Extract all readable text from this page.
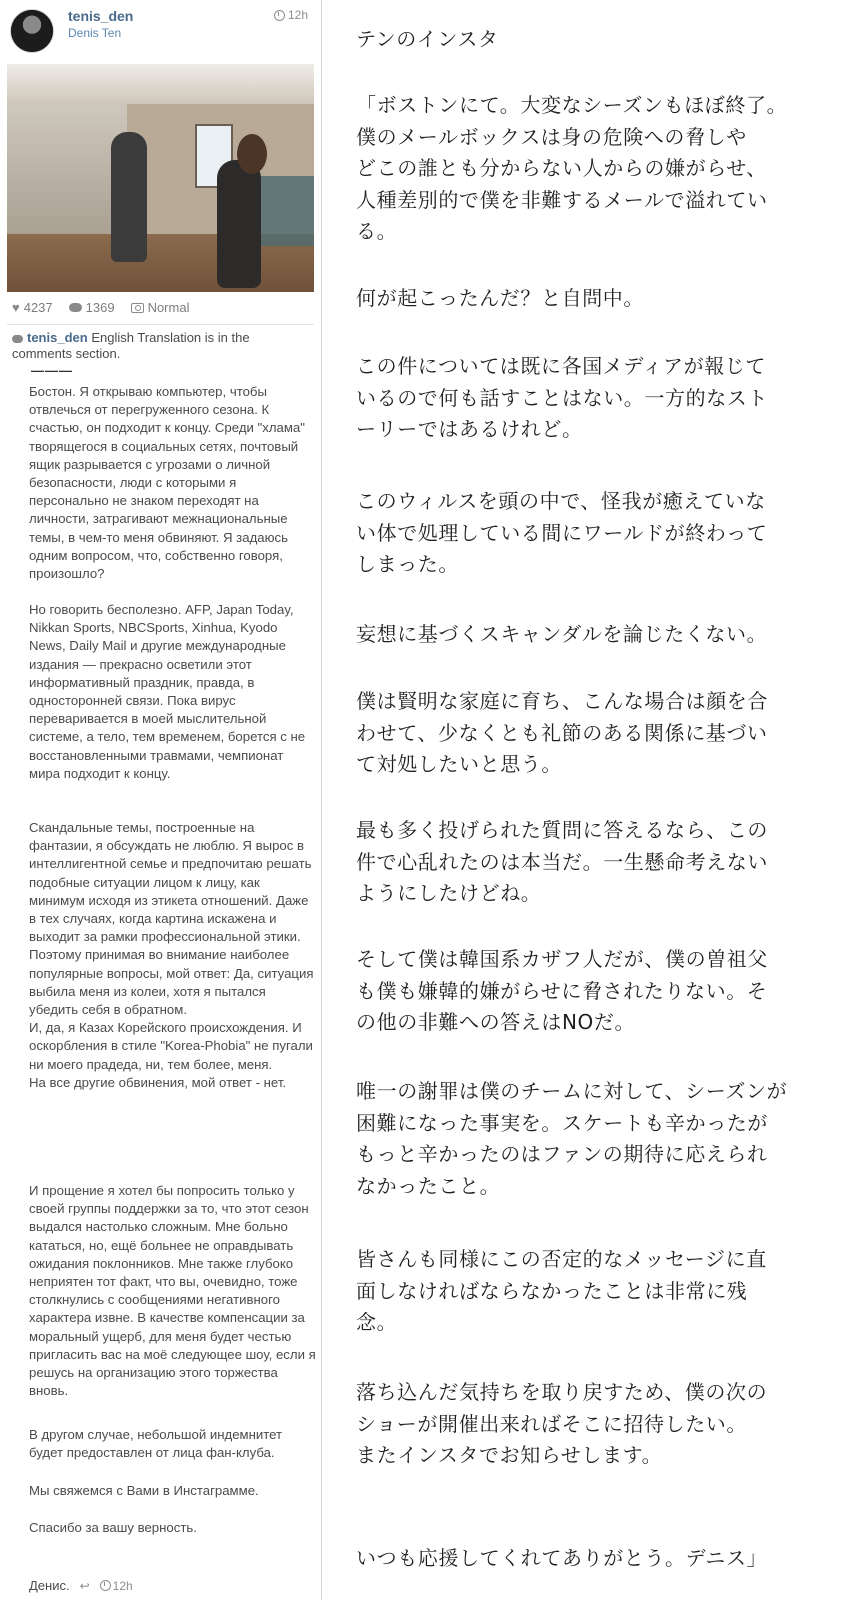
tenis_den
Denis Ten
12h
♥ 4237	1369	Normal
tenis_den English Translation is in the comments section.
———

Бостон. Я открываю компьютер, чтобы отвлечься от перегруженного сезона. К счастью, он подходит к концу. Среди "хлама" творящегося в социальных сетях, почтовый ящик разрывается с угрозами о личной безопасности, люди с которыми я персонально не знаком переходят на личности, затрагивают межнациональные темы, в чем-то меня обвиняют. Я задаюсь одним вопросом, что, собственно говоря, произошло?

Но говорить бесполезно. AFP, Japan Today, Nikkan Sports, NBCSports, Xinhua, Kyodo News, Daily Mail и другие международные издания — прекрасно осветили этот информативный праздник, правда, в односторонней связи. Пока вирус переваривается в моей мыслительной системе, а тело, тем временем, борется с не восстановленными травмами, чемпионат мира подходит к концу.

Скандальные темы, построенные на фантазии, я обсуждать не люблю. Я вырос в интеллигентной семье и предпочитаю решать подобные ситуации лицом к лицу, как минимум исходя из этикета отношений. Даже в тех случаях, когда картина искажена и выходит за рамки профессиональной этики. Поэтому принимая во внимание наиболее популярные вопросы, мой ответ: Да, ситуация выбила меня из колеи, хотя я пытался убедить себя в обратном.
И, да, я Казах Корейского происхождения. И оскорбления в стиле "Korea-Phobia" не пугали ни моего прадеда, ни, тем более, меня.
На все другие обвинения, мой ответ - нет.

И прощение я хотел бы попросить только у своей группы поддержки за то, что этот сезон выдался настолько сложным. Мне больно кататься, но, ещё больнее не оправдывать ожидания поклонников. Мне также глубоко неприятен тот факт, что вы, очевидно, тоже столкнулись с сообщениями негативного характера извне. В качестве компенсации за моральный ущерб, для меня будет честью пригласить вас на моё следующее шоу, если я решусь на организацию этого торжества вновь.

В другом случае, небольшой индемнитет будет предоставлен от лица фан-клуба.

Мы свяжемся с Вами в Инстаграмме.

Спасибо за вашу верность.

Денис. ↩ 12h

テンのインスタ

「ボストンにて。大変なシーズンもほぼ終了。
僕のメールボックスは身の危険への脅しや
どこの誰とも分からない人からの嫌がらせ、
人種差別的で僕を非難するメールで溢れてい
る。

何が起こったんだ？と自問中。

この件については既に各国メディアが報じて
いるので何も話すことはない。一方的なスト
ーリーではあるけれど。

このウィルスを頭の中で、怪我が癒えていな
い体で処理している間にワールドが終わって
しまった。

妄想に基づくスキャンダルを論じたくない。

僕は賢明な家庭に育ち、こんな場合は顔を合
わせて、少なくとも礼節のある関係に基づい
て対処したいと思う。

最も多く投げられた質問に答えるなら、この
件で心乱れたのは本当だ。一生懸命考えない
ようにしたけどね。

そして僕は韓国系カザフ人だが、僕の曽祖父
も僕も嫌韓的嫌がらせに脅されたりない。そ
の他の非難への答えはNOだ。

唯一の謝罪は僕のチームに対して、シーズンが
困難になった事実を。スケートも辛かったが
もっと辛かったのはファンの期待に応えられ
なかったこと。

皆さんも同様にこの否定的なメッセージに直
面しなければならなかったことは非常に残
念。

落ち込んだ気持ちを取り戻すため、僕の次の
ショーが開催出来ればそこに招待したい。
またインスタでお知らせします。

いつも応援してくれてありがとう。デニス」
